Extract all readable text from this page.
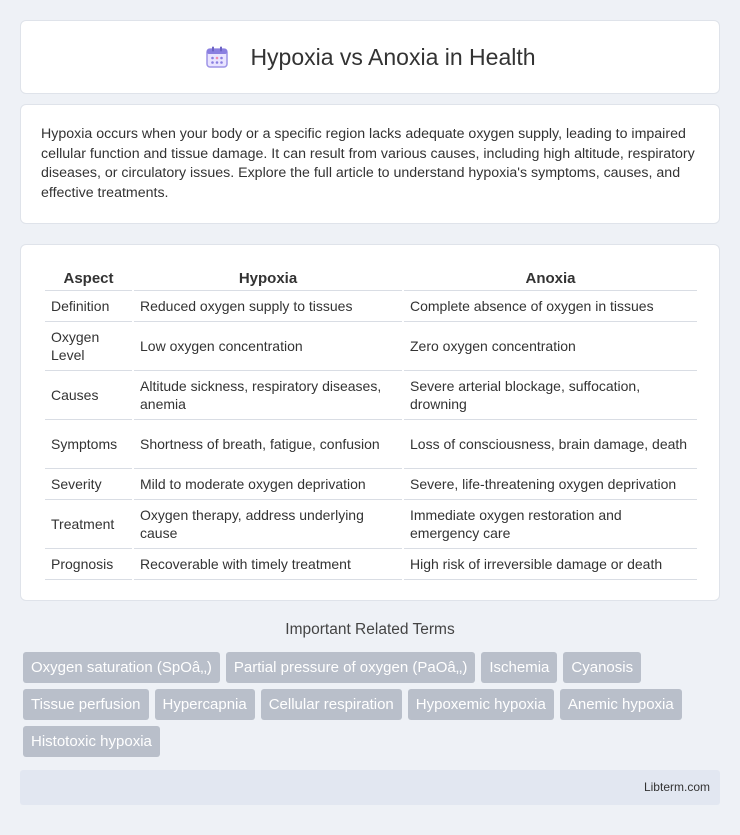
Hypoxia vs Anoxia in Health

Hypoxia occurs when your body or a specific region lacks adequate oxygen supply, leading to impaired cellular function and tissue damage. It can result from various causes, including high altitude, respiratory diseases, or circulatory issues. Explore the full article to understand hypoxia's symptoms, causes, and effective treatments.

Aspect	Hypoxia	Anoxia
Definition	Reduced oxygen supply to tissues	Complete absence of oxygen in tissues
Oxygen Level	Low oxygen concentration	Zero oxygen concentration
Causes	Altitude sickness, respiratory diseases, anemia	Severe arterial blockage, suffocation, drowning
Symptoms	Shortness of breath, fatigue, confusion	Loss of consciousness, brain damage, death
Severity	Mild to moderate oxygen deprivation	Severe, life-threatening oxygen deprivation
Treatment	Oxygen therapy, address underlying cause	Immediate oxygen restoration and emergency care
Prognosis	Recoverable with timely treatment	High risk of irreversible damage or death
Important Related Terms
Oxygen saturation (SpOâ‚‚)	Partial pressure of oxygen (PaOâ‚‚)	Ischemia	Cyanosis
Tissue perfusion	Hypercapnia	Cellular respiration	Hypoxemic hypoxia	Anemic hypoxia
Histotoxic hypoxia
Libterm.com
